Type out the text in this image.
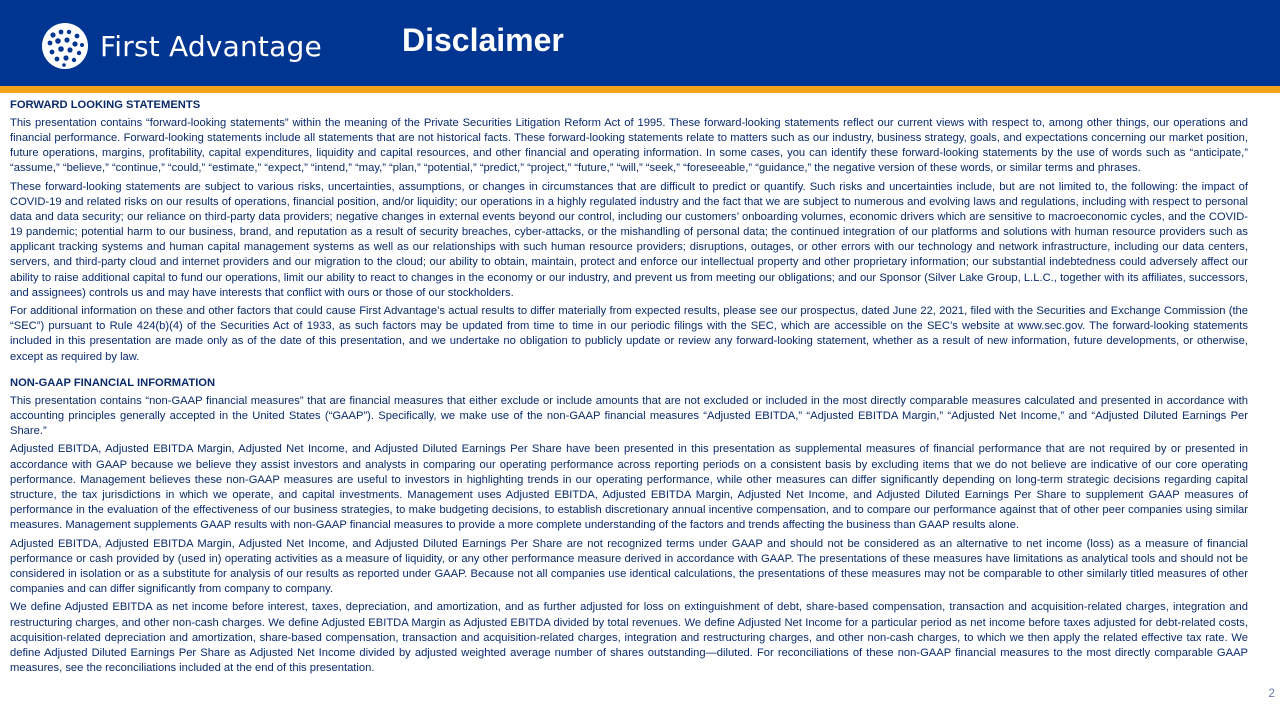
First Advantage	Disclaimer
FORWARD LOOKING STATEMENTS

This presentation contains “forward-looking statements” within the meaning of the Private Securities Litigation Reform Act of 1995. These forward-looking statements reflect our current views with respect to, among other things, our operations and financial performance. Forward-looking statements include all statements that are not historical facts. These forward-looking statements relate to matters such as our industry, business strategy, goals, and expectations concerning our market position, future operations, margins, profitability, capital expenditures, liquidity and capital resources, and other financial and operating information. In some cases, you can identify these forward-looking statements by the use of words such as “anticipate,” “assume,” “believe,” “continue,” “could,” “estimate,” “expect,” “intend,” “may,” “plan,” “potential,” “predict,” “project,” “future,” “will,” “seek,” “foreseeable,” “guidance,” the negative version of these words, or similar terms and phrases.

These forward-looking statements are subject to various risks, uncertainties, assumptions, or changes in circumstances that are difficult to predict or quantify. Such risks and uncertainties include, but are not limited to, the following: the impact of COVID-19 and related risks on our results of operations, financial position, and/or liquidity; our operations in a highly regulated industry and the fact that we are subject to numerous and evolving laws and regulations, including with respect to personal data and data security; our reliance on third-party data providers; negative changes in external events beyond our control, including our customers’ onboarding volumes, economic drivers which are sensitive to macroeconomic cycles, and the COVID-19 pandemic; potential harm to our business, brand, and reputation as a result of security breaches, cyber-attacks, or the mishandling of personal data; the continued integration of our platforms and solutions with human resource providers such as applicant tracking systems and human capital management systems as well as our relationships with such human resource providers; disruptions, outages, or other errors with our technology and network infrastructure, including our data centers, servers, and third-party cloud and internet providers and our migration to the cloud; our ability to obtain, maintain, protect and enforce our intellectual property and other proprietary information; our substantial indebtedness could adversely affect our ability to raise additional capital to fund our operations, limit our ability to react to changes in the economy or our industry, and prevent us from meeting our obligations; and our Sponsor (Silver Lake Group, L.L.C., together with its affiliates, successors, and assignees) controls us and may have interests that conflict with ours or those of our stockholders.

For additional information on these and other factors that could cause First Advantage’s actual results to differ materially from expected results, please see our prospectus, dated June 22, 2021, filed with the Securities and Exchange Commission (the “SEC”) pursuant to Rule 424(b)(4) of the Securities Act of 1933, as such factors may be updated from time to time in our periodic filings with the SEC, which are accessible on the SEC’s website at www.sec.gov. The forward-looking statements included in this presentation are made only as of the date of this presentation, and we undertake no obligation to publicly update or review any forward-looking statement, whether as a result of new information, future developments, or otherwise, except as required by law.

NON-GAAP FINANCIAL INFORMATION

This presentation contains “non-GAAP financial measures” that are financial measures that either exclude or include amounts that are not excluded or included in the most directly comparable measures calculated and presented in accordance with accounting principles generally accepted in the United States (“GAAP”). Specifically, we make use of the non-GAAP financial measures “Adjusted EBITDA,” “Adjusted EBITDA Margin,” “Adjusted Net Income,” and “Adjusted Diluted Earnings Per Share.”

Adjusted EBITDA, Adjusted EBITDA Margin, Adjusted Net Income, and Adjusted Diluted Earnings Per Share have been presented in this presentation as supplemental measures of financial performance that are not required by or presented in accordance with GAAP because we believe they assist investors and analysts in comparing our operating performance across reporting periods on a consistent basis by excluding items that we do not believe are indicative of our core operating performance. Management believes these non-GAAP measures are useful to investors in highlighting trends in our operating performance, while other measures can differ significantly depending on long-term strategic decisions regarding capital structure, the tax jurisdictions in which we operate, and capital investments. Management uses Adjusted EBITDA, Adjusted EBITDA Margin, Adjusted Net Income, and Adjusted Diluted Earnings Per Share to supplement GAAP measures of performance in the evaluation of the effectiveness of our business strategies, to make budgeting decisions, to establish discretionary annual incentive compensation, and to compare our performance against that of other peer companies using similar measures. Management supplements GAAP results with non-GAAP financial measures to provide a more complete understanding of the factors and trends affecting the business than GAAP results alone.

Adjusted EBITDA, Adjusted EBITDA Margin, Adjusted Net Income, and Adjusted Diluted Earnings Per Share are not recognized terms under GAAP and should not be considered as an alternative to net income (loss) as a measure of financial performance or cash provided by (used in) operating activities as a measure of liquidity, or any other performance measure derived in accordance with GAAP. The presentations of these measures have limitations as analytical tools and should not be considered in isolation or as a substitute for analysis of our results as reported under GAAP. Because not all companies use identical calculations, the presentations of these measures may not be comparable to other similarly titled measures of other companies and can differ significantly from company to company.

We define Adjusted EBITDA as net income before interest, taxes, depreciation, and amortization, and as further adjusted for loss on extinguishment of debt, share-based compensation, transaction and acquisition-related charges, integration and restructuring charges, and other non-cash charges. We define Adjusted EBITDA Margin as Adjusted EBITDA divided by total revenues. We define Adjusted Net Income for a particular period as net income before taxes adjusted for debt-related costs, acquisition-related depreciation and amortization, share-based compensation, transaction and acquisition-related charges, integration and restructuring charges, and other non-cash charges, to which we then apply the related effective tax rate. We define Adjusted Diluted Earnings Per Share as Adjusted Net Income divided by adjusted weighted average number of shares outstanding—diluted. For reconciliations of these non-GAAP financial measures to the most directly comparable GAAP measures, see the reconciliations included at the end of this presentation.

2
